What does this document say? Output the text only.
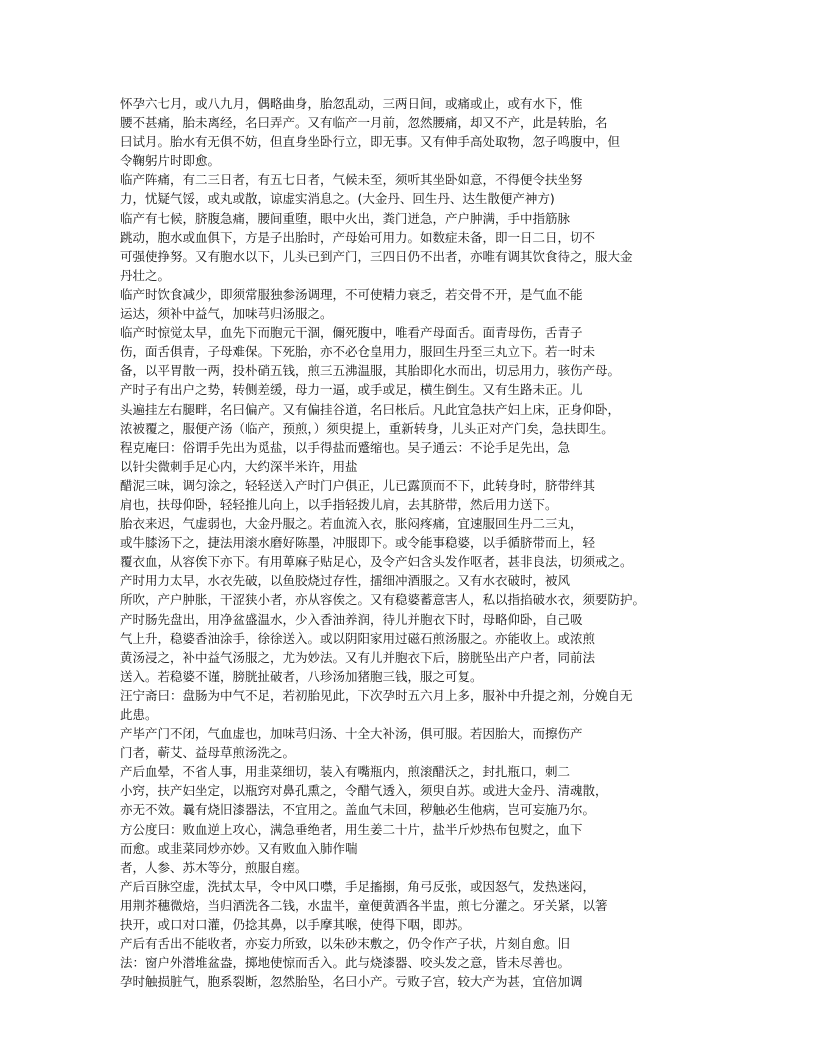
怀孕六七月，或八九月，偶略曲身，胎忽乱动，三两日间，或痛或止，或有水下，惟
腰不甚痛，胎未离经，名曰弄产。又有临产一月前，忽然腰痛，却又不产，此是转胎，名
曰试月。胎水有无俱不妨，但直身坐卧行立，即无事。又有伸手高处取物，忽子鸣腹中，但
令鞠躬片时即愈。
临产阵痛，有二三日者，有五七日者，气候未至，须听其坐卧如意，不得便令扶坐努
力，忧疑气馁，或丸或散，谅虚实消息之。(大金丹、回生丹、达生散便产神方)
临产有七候，脐腹急痛，腰间重堕，眼中火出，粪门迸急，产户肿满，手中指筋脉
跳动，胞水或血俱下，方是子出胎时，产母始可用力。如数症未备，即一日二日，切不
可强使挣努。又有胞水以下，儿头已到产门，三四日仍不出者，亦唯有调其饮食待之，服大金
丹壮之。
临产时饮食减少，即须常服独参汤调理，不可使精力衰乏，若交骨不开，是气血不能
运达，须补中益气，加味芎归汤服之。
临产时惊觉太早，血先下而胞元干涸，儞死腹中，唯看产母面舌。面青母伤，舌青子
伤，面舌俱青，子母难保。下死胎，亦不必仓皇用力，服回生丹至三丸立下。若一时未
备，以平胃散一两，投朴硝五钱，煎三五沸温服，其胎即化水而出，切忌用力，骇伤产母。
产时子有出户之势，转侧差缓，母力一逼，或手或足，横生倒生。又有生路未正。儿
头遍挂左右腿畔，名曰偏产。又有偏挂谷道，名曰枨后。凡此宜急扶产妇上床，正身仰卧，
浓被覆之，服便产汤（临产，预煎，）须臾提上，重新转身，儿头正对产门矣，急扶即生。
程克庵曰：俗谓手先出为觅盐，以手得盐而蹙缩也。吴子通云：不论手足先出，急
以针尖微刺手足心内，大约深半米许，用盐
醋泥三味，调匀涂之，轻轻送入产时门户俱正，儿已露顶而不下，此转身时，脐带绊其
肩也，扶母仰卧，轻轻推儿向上，以手指轻拨儿肩，去其脐带，然后用力送下。
胎衣来迟，气虚弱也，大金丹服之。若血流入衣，胀闷疼痛，宜速服回生丹二三丸，
或牛膝汤下之，捷法用滚水磨好陈墨，冲服即下。或令能事稳婆，以手循脐带而上，轻
覆衣血，从容俟下亦下。有用萆麻子贴足心，及令产妇含头发作呕者，甚非良法，切须戒之。
产时用力太早，水衣先破，以鱼胶烧过存性，擂细冲酒服之。又有水衣破时，被风
所吹，产户肿胀，干涩狭小者，亦从容俟之。又有稳婆蓄意害人，私以指掐破水衣，须要防护。
产时肠先盘出，用净盆盛温水，少入香油养润，待儿并胞衣下时，母略仰卧，自己吸
气上升，稳婆香油涂手，徐徐送入。或以阴阳家用过磁石煎汤服之。亦能收上。或浓煎
黄汤浸之，补中益气汤服之，尤为妙法。又有儿并胞衣下后，膀胱坠出产户者，同前法
送入。若稳婆不谨，膀胱扯破者，八珍汤加猪胞三钱，服之可复。
汪宁斋曰：盘肠为中气不足，若初胎见此，下次孕时五六月上多，服补中升提之剂，分娩自无
此患。
产毕产门不闭，气血虚也，加味芎归汤、十全大补汤，俱可服。若因胎大，而擦伤产
门者，蕲艾、益母草煎汤洗之。
产后血晕，不省人事，用韭菜细切，装入有嘴瓶内，煎滚醋沃之，封扎瓶口，刺二
小窍，扶产妇坐定，以瓶窍对鼻孔熏之，令醋气透入，须臾自苏。或进大金丹、清魂散，
亦无不效。曩有烧旧漆器法，不宜用之。盖血气未回，秽触必生他病，岂可妄施乃尔。
方公度曰：败血逆上攻心，满急垂绝者，用生姜二十片，盐半斤炒热布包熨之，血下
而愈。或韭菜同炒亦妙。又有败血入肺作喘
者，人参、苏木等分，煎服自瘥。
产后百脉空虚，洗拭太早，令中风口噤，手足搐搦，角弓反张，或因怒气，发热迷闷，
用荆芥穗微焙，当归酒洗各二钱，水盅半，童便黄酒各半盅，煎七分灌之。牙关紧，以箸
抉开，或口对口灌，仍捻其鼻，以手摩其喉，使得下咽，即苏。
产后有舌出不能收者，亦妄力所致，以朱砂末敷之，仍令作产子状，片刻自愈。旧
法：窗户外潜堆盆盎，掷地使惊而舌入。此与烧漆器、咬头发之意，皆未尽善也。
孕时触损脏气，胞系裂断，忽然胎坠，名曰小产。亏败子宫，较大产为甚，宜倍加调
